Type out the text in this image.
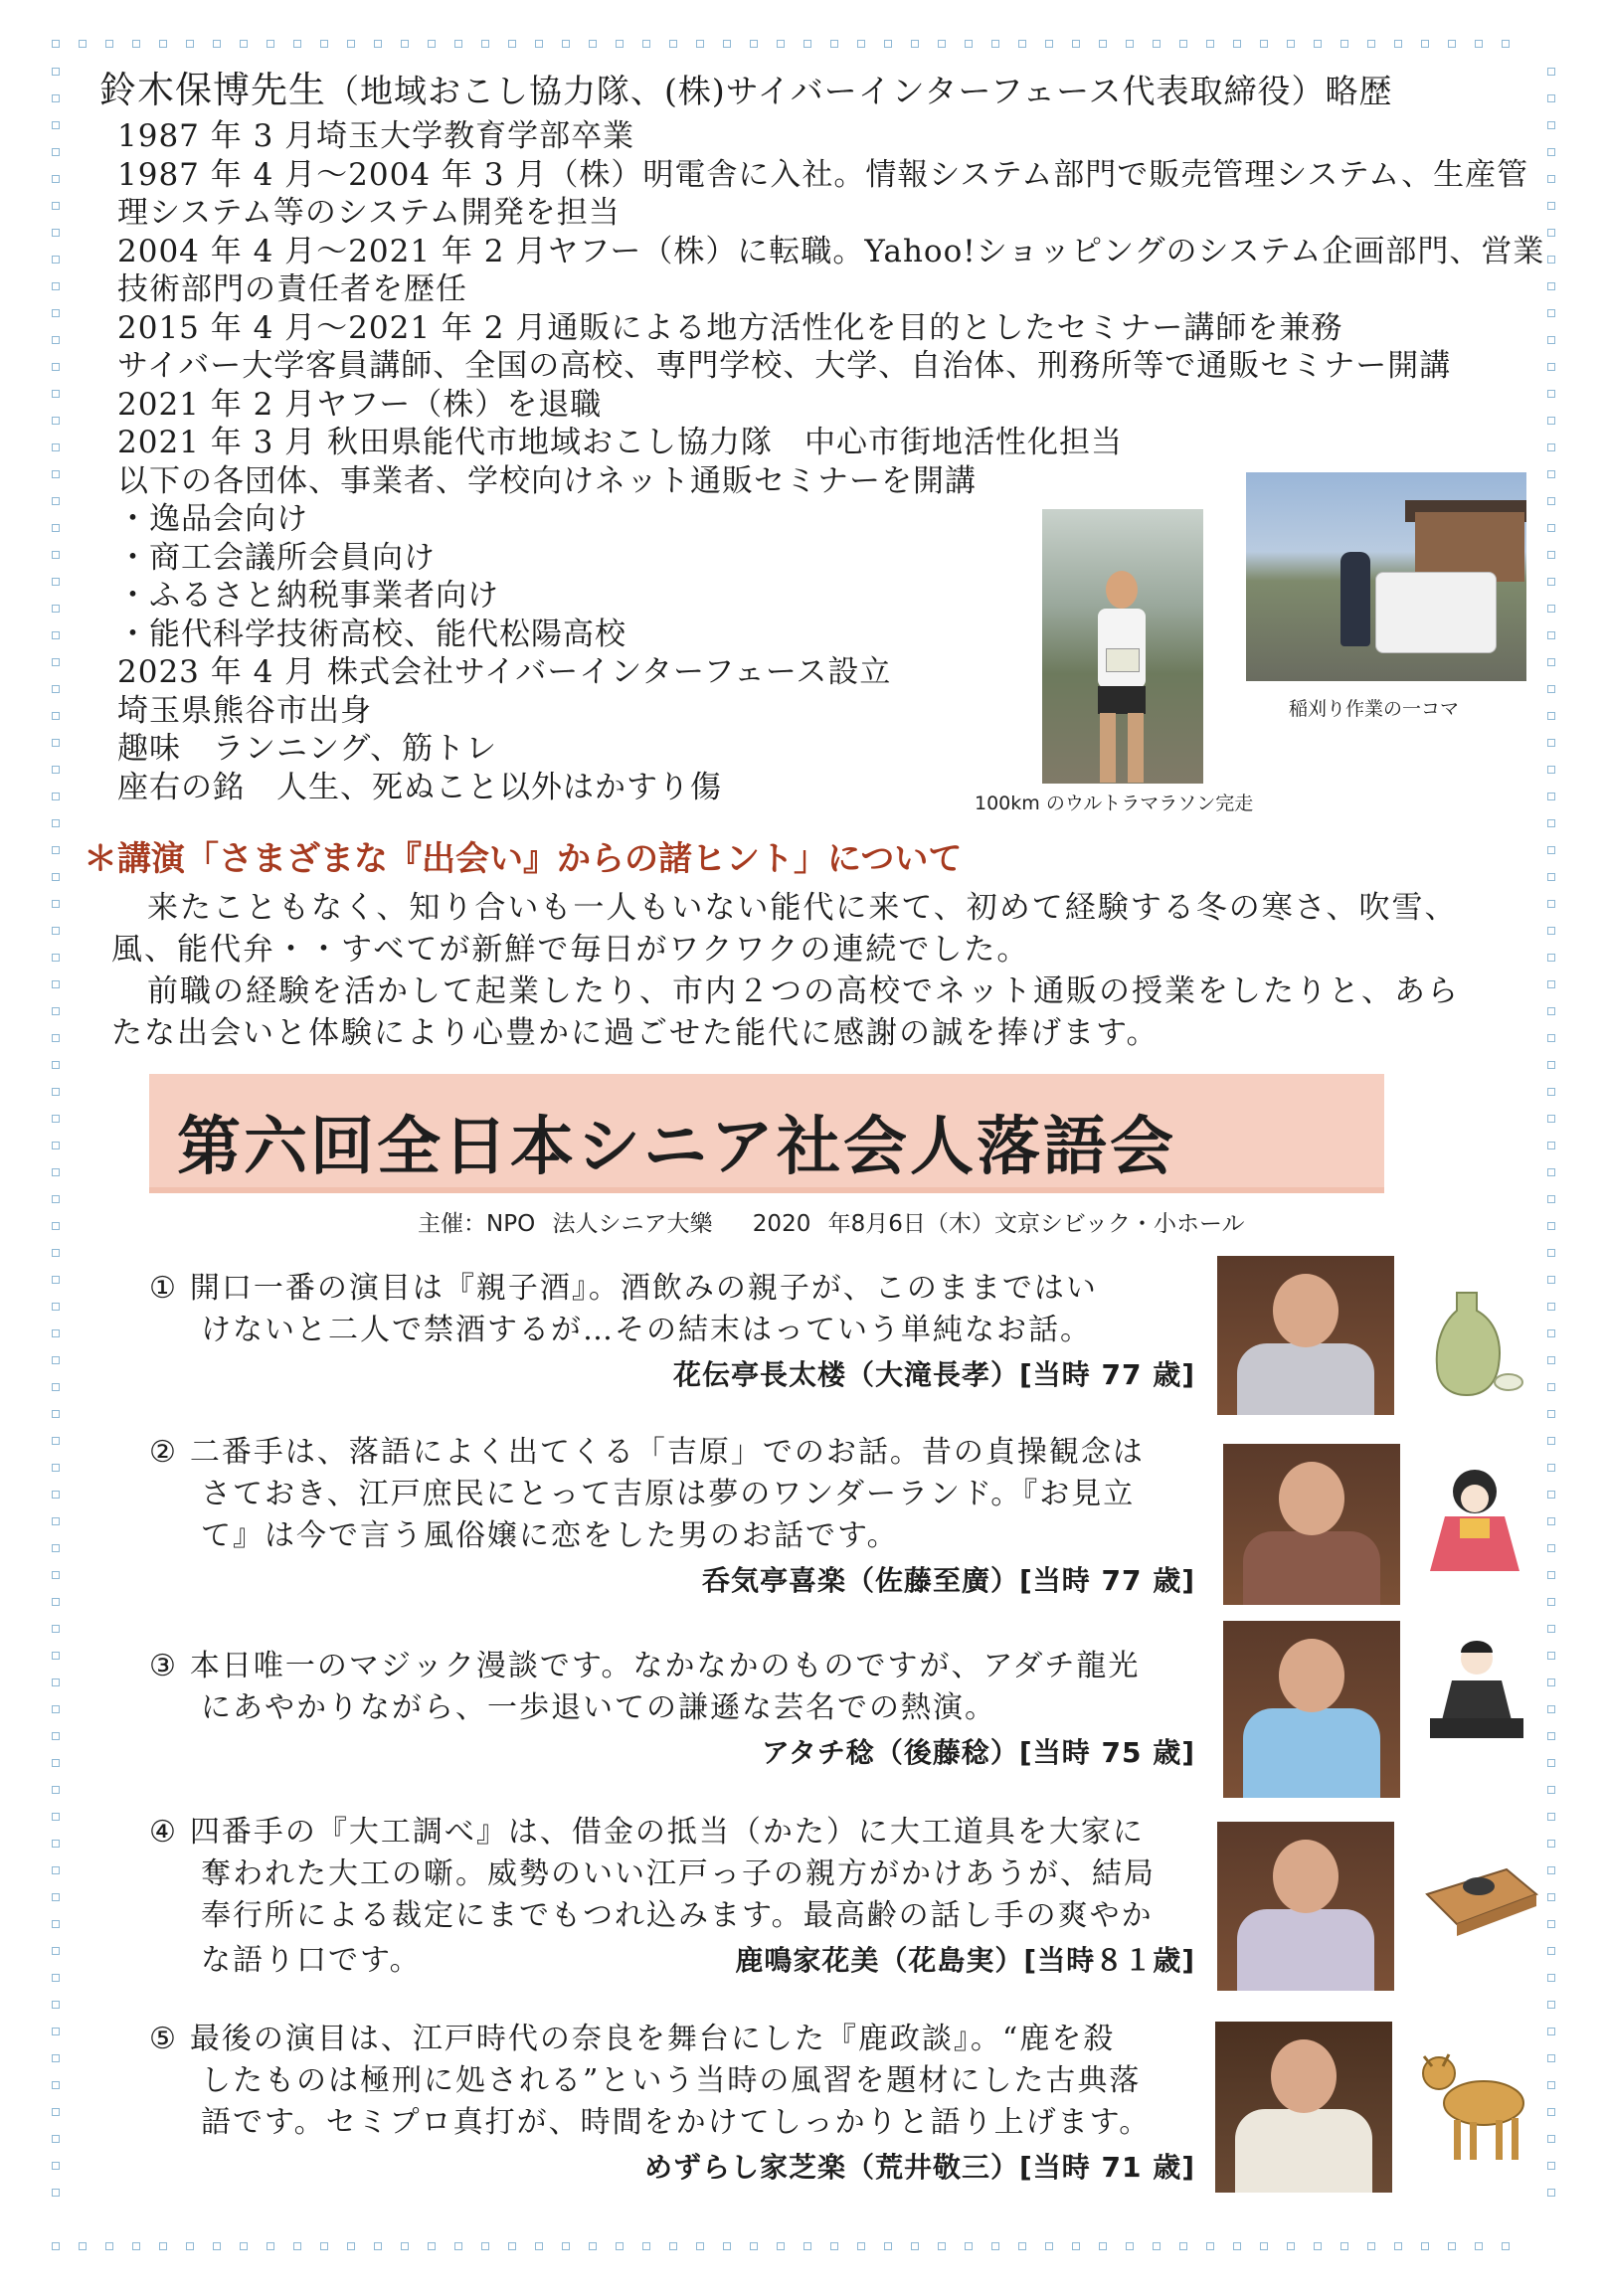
鈴木保博先生（地域おこし協力隊、(株)サイバーインターフェース代表取締役）略歴
1987 年 3 月埼玉大学教育学部卒業
1987 年 4 月～2004 年 3 月（株）明電舎に入社。情報システム部門で販売管理システム、生産管
理システム等のシステム開発を担当
2004 年 4 月～2021 年 2 月ヤフー（株）に転職。Yahoo!ショッピングのシステム企画部門、営業
技術部門の責任者を歴任
2015 年 4 月～2021 年 2 月通販による地方活性化を目的としたセミナー講師を兼務
サイバー大学客員講師、全国の高校、専門学校、大学、自治体、刑務所等で通販セミナー開講
2021 年 2 月ヤフー（株）を退職
2021 年 3 月 秋田県能代市地域おこし協力隊　中心市街地活性化担当
以下の各団体、事業者、学校向けネット通販セミナーを開講
・逸品会向け
・商工会議所会員向け
・ふるさと納税事業者向け
・能代科学技術高校、能代松陽高校
2023 年 4 月 株式会社サイバーインターフェース設立
埼玉県熊谷市出身
趣味　ランニング、筋トレ
座右の銘　人生、死ぬこと以外はかすり傷
稲刈り作業の一コマ
100km のウルトラマラソン完走
＊講演「さまざまな『出会い』からの諸ヒント」について
来たこともなく、知り合いも一人もいない能代に来て、初めて経験する冬の寒さ、吹雪、
風、能代弁・・すべてが新鮮で毎日がワクワクの連続でした。
前職の経験を活かして起業したり、市内２つの高校でネット通販の授業をしたりと、あら
たな出会いと体験により心豊かに過ごせた能代に感謝の誠を捧げます。
第六回全日本シニア社会人落語会
主催：NPO 法人シニア大樂　 2020 年8月6日（木）文京シビック・小ホール
① 開口一番の演目は『親子酒』。酒飲みの親子が、このままではい
けないと二人で禁酒するが…その結末はっていう単純なお話。
花伝亭長太楼（大滝長孝）[当時 77 歳]
② 二番手は、落語によく出てくる「吉原」でのお話。昔の貞操観念は
さておき、江戸庶民にとって吉原は夢のワンダーランド。『お見立
て』は今で言う風俗嬢に恋をした男のお話です。
呑気亭喜楽（佐藤至廣）[当時 77 歳]
③ 本日唯一のマジック漫談です。なかなかのものですが、アダチ龍光
にあやかりながら、一歩退いての謙遜な芸名での熱演。
アタチ稔（後藤稔）[当時 75 歳]
④ 四番手の『大工調べ』は、借金の抵当（かた）に大工道具を大家に
奪われた大工の噺。威勢のいい江戸っ子の親方がかけあうが、結局
奉行所による裁定にまでもつれ込みます。最高齢の話し手の爽やか
な語り口です。	鹿鳴家花美（花島実）[当時８１歳]
⑤ 最後の演目は、江戸時代の奈良を舞台にした『鹿政談』。“鹿を殺
したものは極刑に処される”という当時の風習を題材にした古典落
語です。セミプロ真打が、時間をかけてしっかりと語り上げます。
めずらし家芝楽（荒井敬三）[当時 71 歳]
